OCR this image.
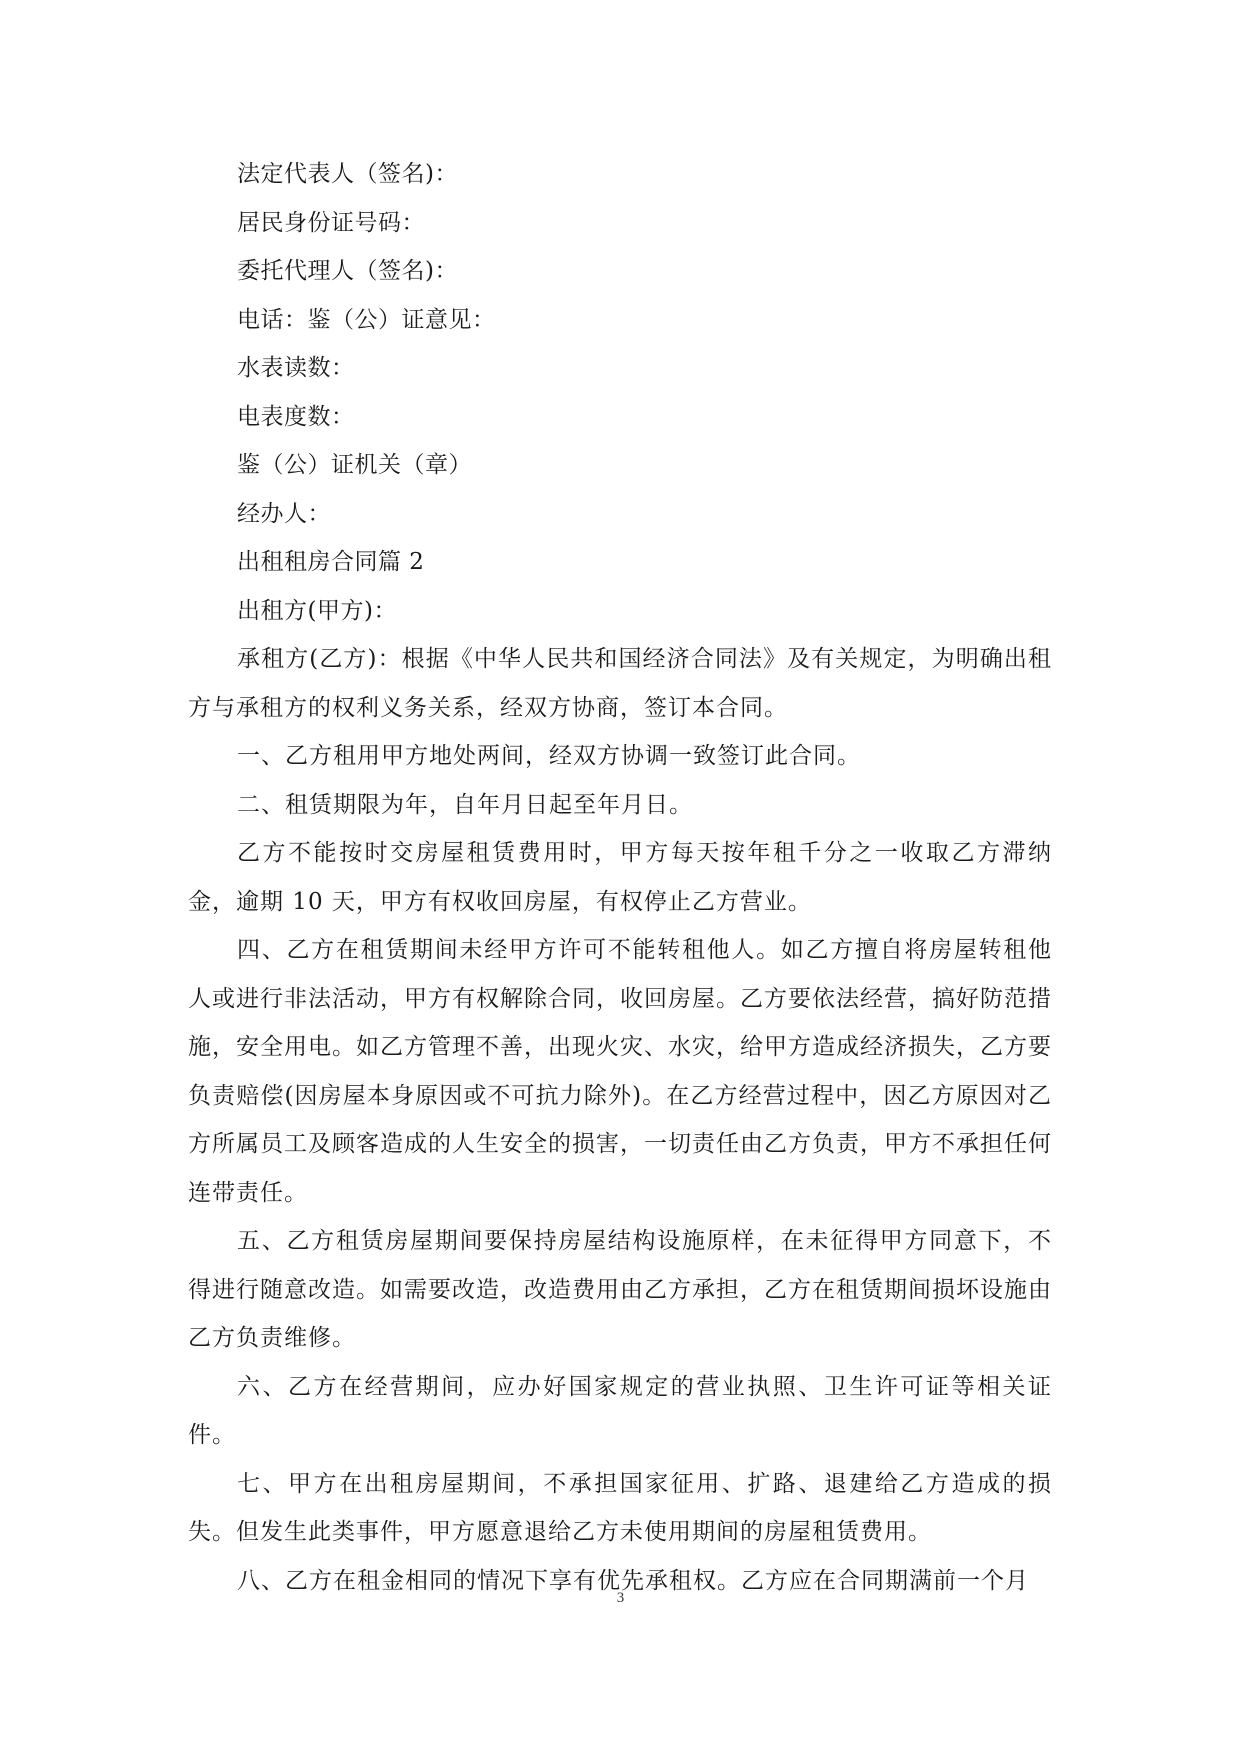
法定代表人（签名)：
居民身份证号码：
委托代理人（签名)：
电话：鉴（公）证意见：
水表读数：
电表度数：
鉴（公）证机关（章）
经办人：
出租租房合同篇 2
出租方(甲方)：

承租方(乙方)：根据《中华人民共和国经济合同法》及有关规定，为明确出租方与承租方的权利义务关系，经双方协商，签订本合同。

一、乙方租用甲方地处两间，经双方协调一致签订此合同。

二、租赁期限为年，自年月日起至年月日。

乙方不能按时交房屋租赁费用时，甲方每天按年租千分之一收取乙方滞纳金，逾期 10 天，甲方有权收回房屋，有权停止乙方营业。

四、乙方在租赁期间未经甲方许可不能转租他人。如乙方擅自将房屋转租他人或进行非法活动，甲方有权解除合同，收回房屋。乙方要依法经营，搞好防范措施，安全用电。如乙方管理不善，出现火灾、水灾，给甲方造成经济损失，乙方要负责赔偿(因房屋本身原因或不可抗力除外)。在乙方经营过程中，因乙方原因对乙方所属员工及顾客造成的人生安全的损害，一切责任由乙方负责，甲方不承担任何连带责任。

五、乙方租赁房屋期间要保持房屋结构设施原样，在未征得甲方同意下，不得进行随意改造。如需要改造，改造费用由乙方承担，乙方在租赁期间损坏设施由乙方负责维修。

六、乙方在经营期间，应办好国家规定的营业执照、卫生许可证等相关证件。

七、甲方在出租房屋期间，不承担国家征用、扩路、退建给乙方造成的损失。但发生此类事件，甲方愿意退给乙方未使用期间的房屋租赁费用。

八、乙方在租金相同的情况下享有优先承租权。乙方应在合同期满前一个月

3
